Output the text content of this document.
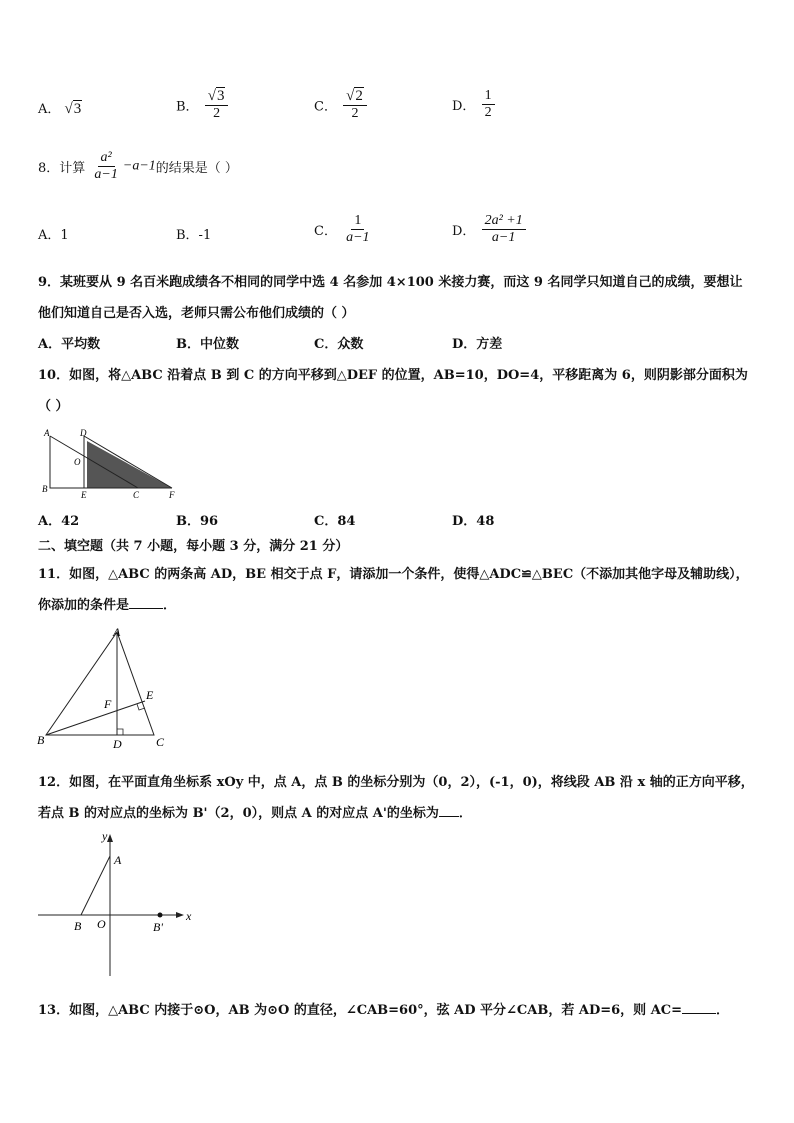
A． √3	B． $\frac{√3}{2}$	C． $\frac{√2}{2}$	D． $\frac{1}{2}$
8．计算 $\frac{\text{a²}}{a-1} -a-1$的结果是（ ）
A．1	B．-1	C． $\frac{1}{a-1}$	D． $\frac{\text{2a² +1}}{a-1}$
9．某班要从 9 名百米跑成绩各不相同的同学中选 4 名参加 4×100 米接力赛，而这 9 名同学只知道自己的成绩，要想让
他们知道自己是否入选，老师只需公布他们成绩的（ ）
A．平均数	B．中位数	C．众数	D．方差
10．如图，将△ABC 沿着点 B 到 C 的方向平移到△DEF 的位置，AB=10，DO=4，平移距离为 6，则阴影部分面积为
（ ）
A	D
O
B
E	C	F
A．42	B．96	C．84	D．48
二、填空题（共 7 小题，每小题 3 分，满分 21 分）
11．如图，△ABC 的两条高 AD，BE 相交于点 F，请添加一个条件，使得△ADC≌△BEC（不添加其他字母及辅助线），
你添加的条件是	．
A
E
F
B	D	C
12．如图，在平面直角坐标系 xOy 中，点 A，点 B 的坐标分别为（0，2），(-1，0)，将线段 AB 沿 x 轴的正方向平移，
若点 B 的对应点的坐标为 B'（2，0），则点 A 的对应点 A'的坐标为 ．
y
A
x
B O	B'
13．如图，△ABC 内接于⊙O，AB 为⊙O 的直径，∠CAB=60°，弦 AD 平分∠CAB，若 AD=6，则 AC=	．
